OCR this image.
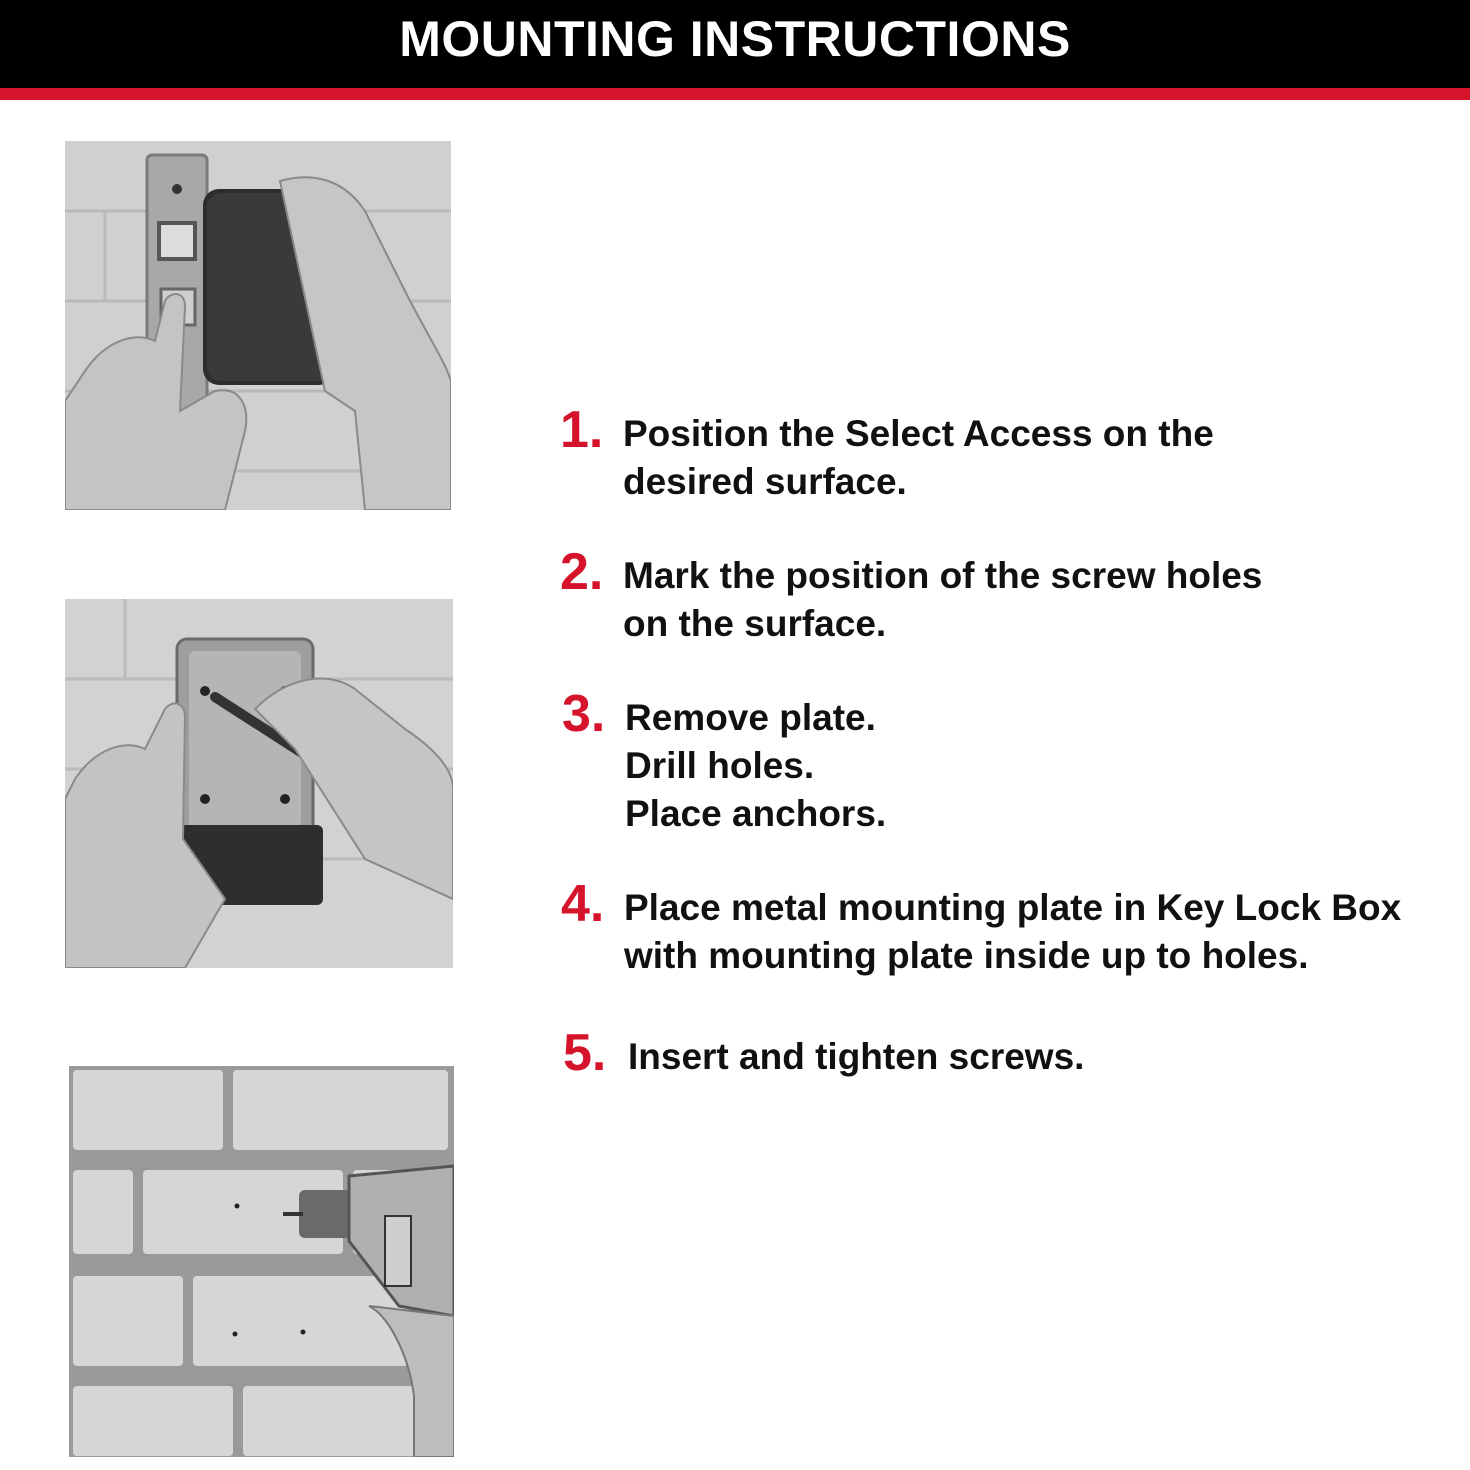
MOUNTING INSTRUCTIONS
1. Position the Select Access on the
desired surface.
2. Mark the position of the screw holes
on the surface.
3. Remove plate.
Drill holes.
Place anchors.
4. Place metal mounting plate in Key Lock Box
with mounting plate inside up to holes.
5. Insert and tighten screws.
